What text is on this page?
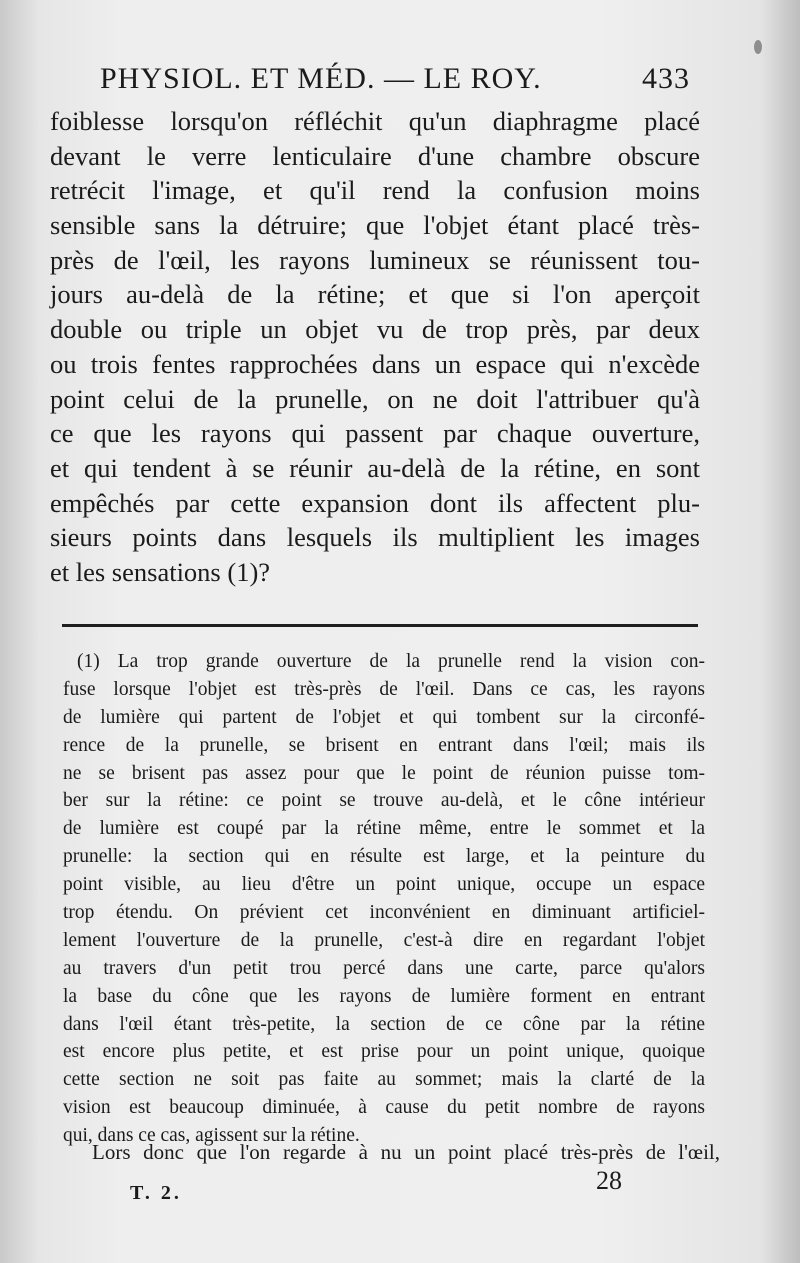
PHYSIOL. ET MÉD. — LE ROY.	433
foiblesse lorsqu'on réfléchit qu'un diaphragme placé
devant le verre lenticulaire d'une chambre obscure
retrécit l'image, et qu'il rend la confusion moins
sensible sans la détruire; que l'objet étant placé très-
près de l'œil, les rayons lumineux se réunissent tou-
jours au-delà de la rétine; et que si l'on aperçoit
double ou triple un objet vu de trop près, par deux
ou trois fentes rapprochées dans un espace qui n'excède
point celui de la prunelle, on ne doit l'attribuer qu'à
ce que les rayons qui passent par chaque ouverture,
et qui tendent à se réunir au-delà de la rétine, en sont
empêchés par cette expansion dont ils affectent plu-
sieurs points dans lesquels ils multiplient les images
et les sensations (1)?
(1) La trop grande ouverture de la prunelle rend la vision con-
fuse lorsque l'objet est très-près de l'œil. Dans ce cas, les rayons
de lumière qui partent de l'objet et qui tombent sur la circonfé-
rence de la prunelle, se brisent en entrant dans l'œil; mais ils
ne se brisent pas assez pour que le point de réunion puisse tom-
ber sur la rétine: ce point se trouve au-delà, et le cône intérieur
de lumière est coupé par la rétine même, entre le sommet et la
prunelle: la section qui en résulte est large, et la peinture du
point visible, au lieu d'être un point unique, occupe un espace
trop étendu. On prévient cet inconvénient en diminuant artificiel-
lement l'ouverture de la prunelle, c'est-à dire en regardant l'objet
au travers d'un petit trou percé dans une carte, parce qu'alors
la base du cône que les rayons de lumière forment en entrant
dans l'œil étant très-petite, la section de ce cône par la rétine
est encore plus petite, et est prise pour un point unique, quoique
cette section ne soit pas faite au sommet; mais la clarté de la
vision est beaucoup diminuée, à cause du petit nombre de rayons
qui, dans ce cas, agissent sur la rétine.
Lors donc que l'on regarde à nu un point placé très-près de l'œil,
T. 2.	28
